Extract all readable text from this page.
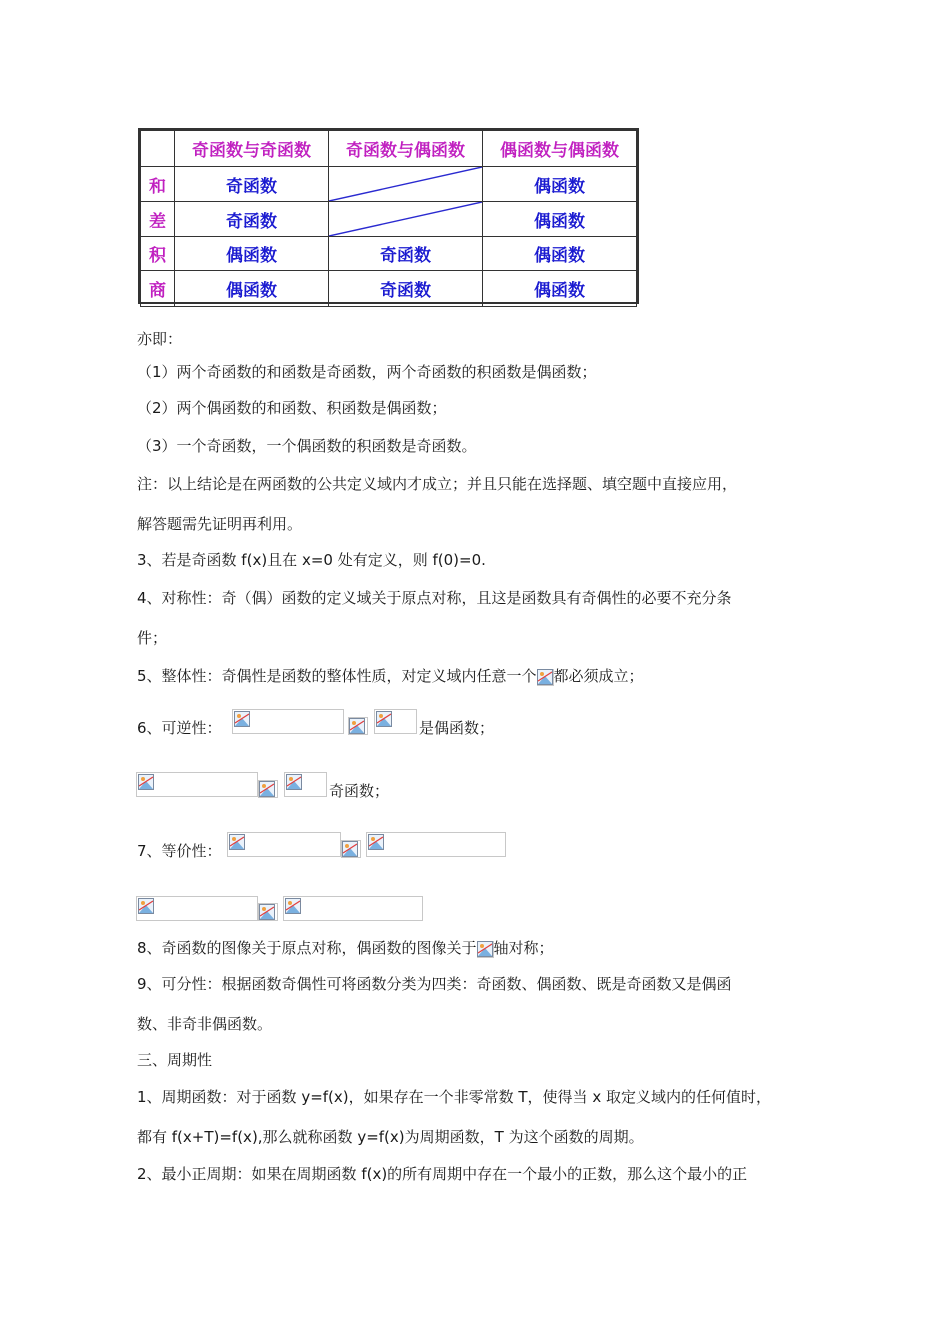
	奇函数与奇函数	奇函数与偶函数	偶函数与偶函数
和	奇函数		偶函数
差	奇函数		偶函数
积	偶函数	奇函数	偶函数
商	偶函数	奇函数	偶函数
亦即：
（1）两个奇函数的和函数是奇函数，两个奇函数的积函数是偶函数；
（2）两个偶函数的和函数、积函数是偶函数；
（3）一个奇函数，一个偶函数的积函数是奇函数。
注：以上结论是在两函数的公共定义域内才成立；并且只能在选择题、填空题中直接应用，
解答题需先证明再利用。
3、若是奇函数 f(x)且在 x=0 处有定义，则 f(0)=0.
4、对称性：奇（偶）函数的定义域关于原点对称，且这是函数具有奇偶性的必要不充分条
件；
5、整体性：奇偶性是函数的整体性质，对定义域内任意一个 都必须成立；
6、可逆性：	是偶函数；
奇函数；
7、等价性：
8、奇函数的图像关于原点对称，偶函数的图像关于 轴对称；
9、可分性：根据函数奇偶性可将函数分类为四类：奇函数、偶函数、既是奇函数又是偶函
数、非奇非偶函数。
三、周期性
1、周期函数：对于函数 y=f(x)，如果存在一个非零常数 T，使得当 x 取定义域内的任何值时，
都有 f(x+T)=f(x),那么就称函数 y=f(x)为周期函数，T 为这个函数的周期。
2、最小正周期：如果在周期函数 f(x)的所有周期中存在一个最小的正数，那么这个最小的正
